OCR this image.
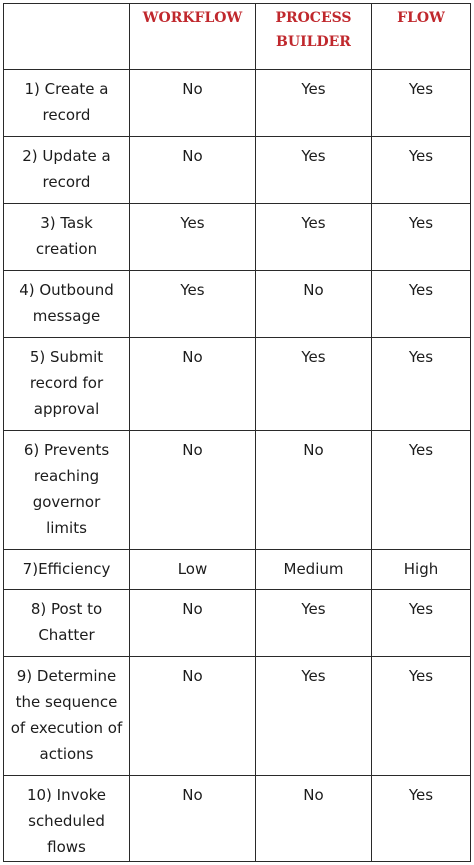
	WORKFLOW	PROCESS BUILDER	FLOW
1) Create a record	No	Yes	Yes
2) Update a record	No	Yes	Yes
3) Task creation	Yes	Yes	Yes
4) Outbound message	Yes	No	Yes
5) Submit record for approval	No	Yes	Yes
6) Prevents reaching governor limits	No	No	Yes
7)Efficiency	Low	Medium	High
8) Post to Chatter	No	Yes	Yes
9) Determine the sequence of execution of actions	No	Yes	Yes
10) Invoke scheduled flows	No	No	Yes
